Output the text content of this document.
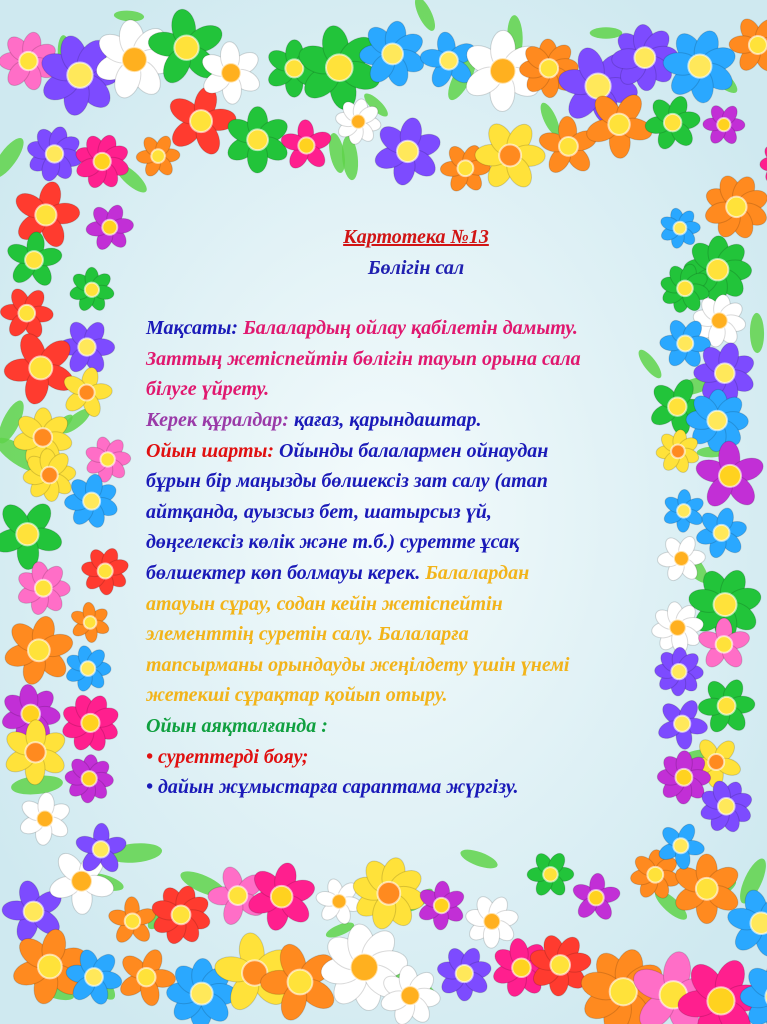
Картотека №13
Бөлігін сал
Мақсаты: Балалардың ойлау қабілетін дамыту.
Заттың жетіспейтін бөлігін тауып орына сала
білуге үйрету.
Керек құралдар: қағаз, қарындаштар.
Ойын шарты: Ойынды балалармен ойнаудан
бұрын бір маңызды бөлшексіз зат салу (атап
айтқанда, ауызсыз бет, шатырсыз үй,
дөңгелексіз көлік және т.б.) суретте ұсақ
бөлшектер көп болмауы керек. Балалардан
атауын сұрау, содан кейін жетіспейтін
элементтің суретін салу. Балаларға
тапсырманы орындауды жеңілдету үшін үнемі
жетекші сұрақтар қойып отыру.
Ойын аяқталғанда :
• суреттерді бояу;
• дайын жұмыстарға сараптама жүргізу.
